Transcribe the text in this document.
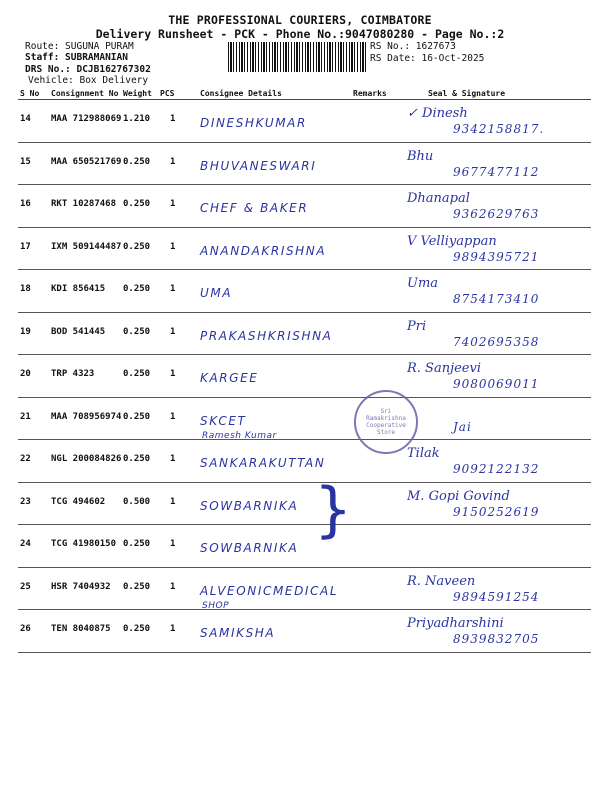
THE PROFESSIONAL COURIERS, COIMBATORE
Delivery Runsheet - PCK - Phone No.:9047080280 - Page No.:2
Route: SUGUNA PURAM
Staff: SUBRAMANIAN
DRS No.: DCJB162767302
Vehicle: Box Delivery
RS No.: 1627673
RS Date: 16-Oct-2025
S No	Consignment No	Weight	PCS	Consignee Details	Remarks	Seal & Signature

14	MAA 712988069	1.210	1	DINESHKUMAR		✓ Dinesh
9342158817.

15	MAA 650521769	0.250	1	BHUVANESWARI		Bhu
9677477112

16	RKT 10287468	0.250	1	CHEF & BAKER		Dhanapal
9362629763

17	IXM 509144487	0.250	1	ANANDAKRISHNA		V Velliyappan
9894395721

18	KDI 856415	0.250	1	UMA		Uma
8754173410

19	BOD 541445	0.250	1	PRAKASHKRISHNA		Pri
7402695358

20	TRP 4323	0.250	1	KARGEE		R. Sanjeevi
9080069011

21	MAA 708956974	0.250	1	SKCET
Ramesh Kumar		Jai

22	NGL 200084826	0.250	1	SANKARAKUTTAN		Tilak
9092122132

23	TCG 494602	0.500	1	SOWBARNIKA		M. Gopi Govind
9150252619

24	TCG 41980150	0.250	1	SOWBARNIKA		

25	HSR 7404932	0.250	1	ALVEONICMEDICAL
SHOP		R. Naveen
9894591254

26	TEN 8040875	0.250	1	SAMIKSHA		Priyadharshini
8939832705
Sri Ramakrishna Cooperative Store
}
